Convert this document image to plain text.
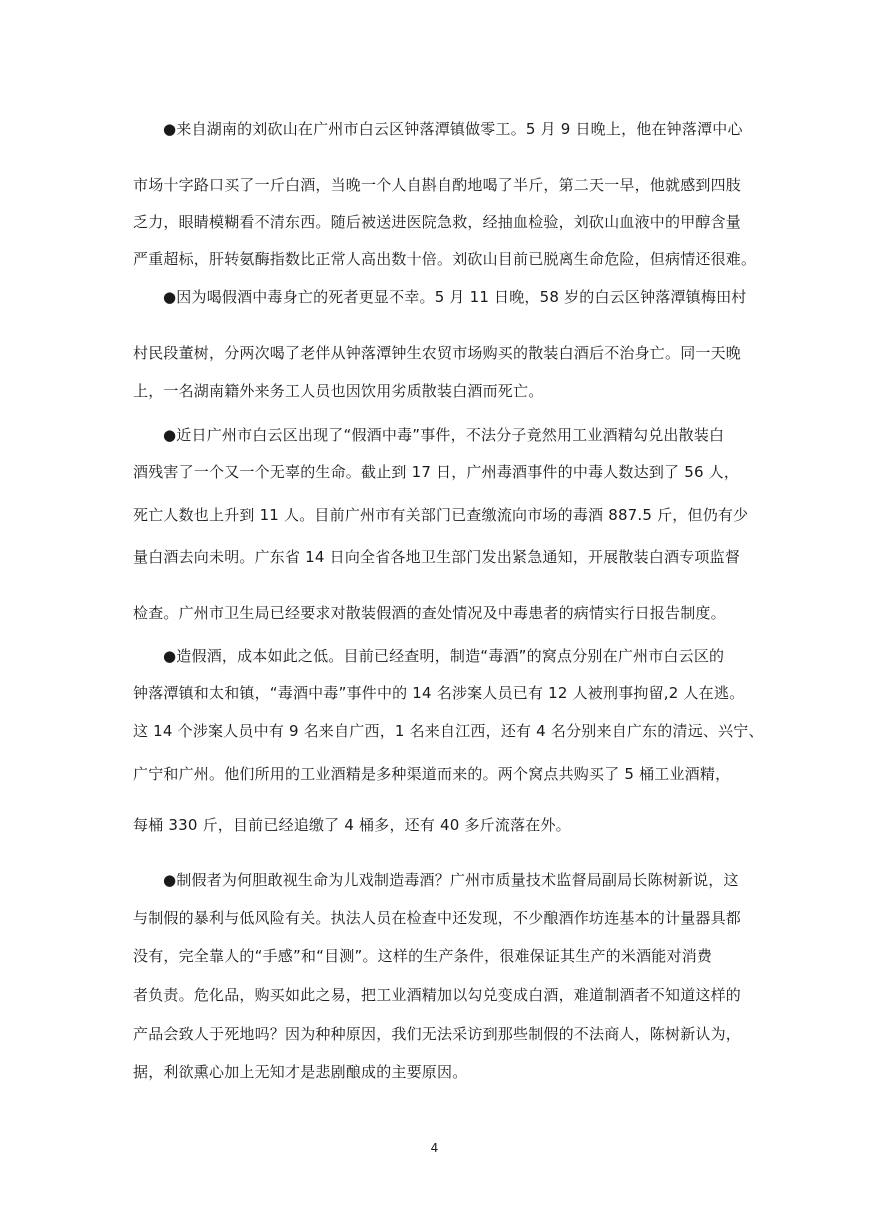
●来自湖南的刘砍山在广州市白云区钟落潭镇做零工。5 月 9 日晚上，他在钟落潭中心
市场十字路口买了一斤白酒，当晚一个人自斟自酌地喝了半斤，第二天一早，他就感到四肢
乏力，眼睛模糊看不清东西。随后被送进医院急救，经抽血检验，刘砍山血液中的甲醇含量
严重超标，肝转氨酶指数比正常人高出数十倍。刘砍山目前已脱离生命危险，但病情还很难。
●因为喝假酒中毒身亡的死者更显不幸。5 月 11 日晚，58 岁的白云区钟落潭镇梅田村
村民段董树，分两次喝了老伴从钟落潭钟生农贸市场购买的散装白酒后不治身亡。同一天晚
上，一名湖南籍外来务工人员也因饮用劣质散装白酒而死亡。
●近日广州市白云区出现了“假酒中毒”事件，不法分子竟然用工业酒精勾兑出散装白
酒残害了一个又一个无辜的生命。截止到 17 日，广州毒酒事件的中毒人数达到了 56 人，
死亡人数也上升到 11 人。目前广州市有关部门已查缴流向市场的毒酒 887.5 斤，但仍有少
量白酒去向未明。广东省 14 日向全省各地卫生部门发出紧急通知，开展散装白酒专项监督
检查。广州市卫生局已经要求对散装假酒的查处情况及中毒患者的病情实行日报告制度。
●造假酒，成本如此之低。目前已经查明，制造“毒酒”的窝点分别在广州市白云区的
钟落潭镇和太和镇，“毒酒中毒”事件中的 14 名涉案人员已有 12 人被刑事拘留,2 人在逃。
这 14 个涉案人员中有 9 名来自广西，1 名来自江西，还有 4 名分别来自广东的清远、兴宁、
广宁和广州。他们所用的工业酒精是多种渠道而来的。两个窝点共购买了 5 桶工业酒精，
每桶 330 斤，目前已经追缴了 4 桶多，还有 40 多斤流落在外。
●制假者为何胆敢视生命为儿戏制造毒酒？广州市质量技术监督局副局长陈树新说，这
与制假的暴利与低风险有关。执法人员在检查中还发现，不少酿酒作坊连基本的计量器具都
没有，完全靠人的“手感”和“目测”。这样的生产条件，很难保证其生产的米酒能对消费
者负责。危化品，购买如此之易，把工业酒精加以勾兑变成白酒，难道制酒者不知道这样的
产品会致人于死地吗？因为种种原因，我们无法采访到那些制假的不法商人，陈树新认为，
据，利欲熏心加上无知才是悲剧酿成的主要原因。
4
